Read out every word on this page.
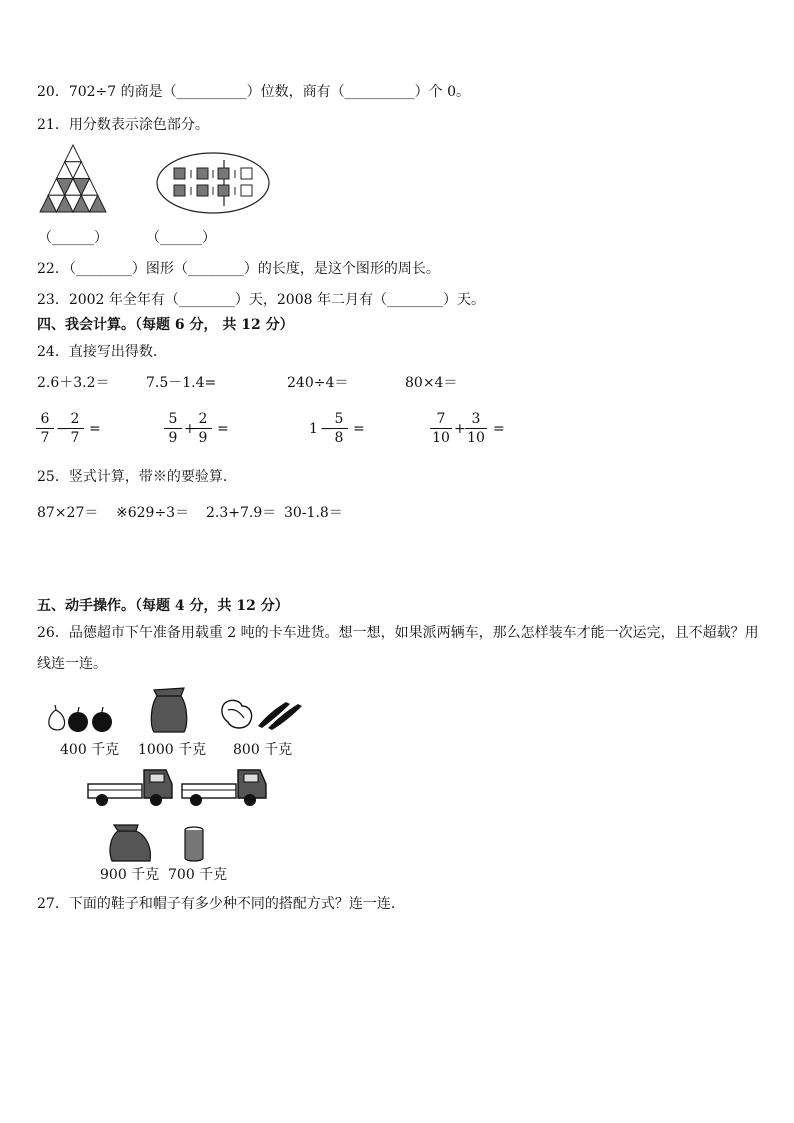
20．702÷7 的商是（__________）位数，商有（__________）个 0。
21．用分数表示涂色部分。
（______）	（______）
22．（________）图形（________）的长度，是这个图形的周长。
23．2002 年全年有（________）天，2008 年二月有（________）天。
四、我会计算。（每题 6 分， 共 12 分）
24．直接写出得数．
2.6＋3.2＝	7.5－1.4=	240÷4＝	80×4＝
6
7
−
2
7
=
5
9
+
2
9
=	1 −
5
8
=
7
10
+
3
10
=
25．竖式计算，带※的要验算．
87×27＝ ※629÷3＝ 2.3+7.9＝ 30-1.8＝
五、动手操作。（每题 4 分，共 12 分）
26．品德超市下午准备用载重 2 吨的卡车进货。想一想，如果派两辆车，那么怎样装车才能一次运完，且不超载？用
线连一连。
400 千克 1000 千克 800 千克
900 千克 700 千克
27．下面的鞋子和帽子有多少种不同的搭配方式？连一连．
